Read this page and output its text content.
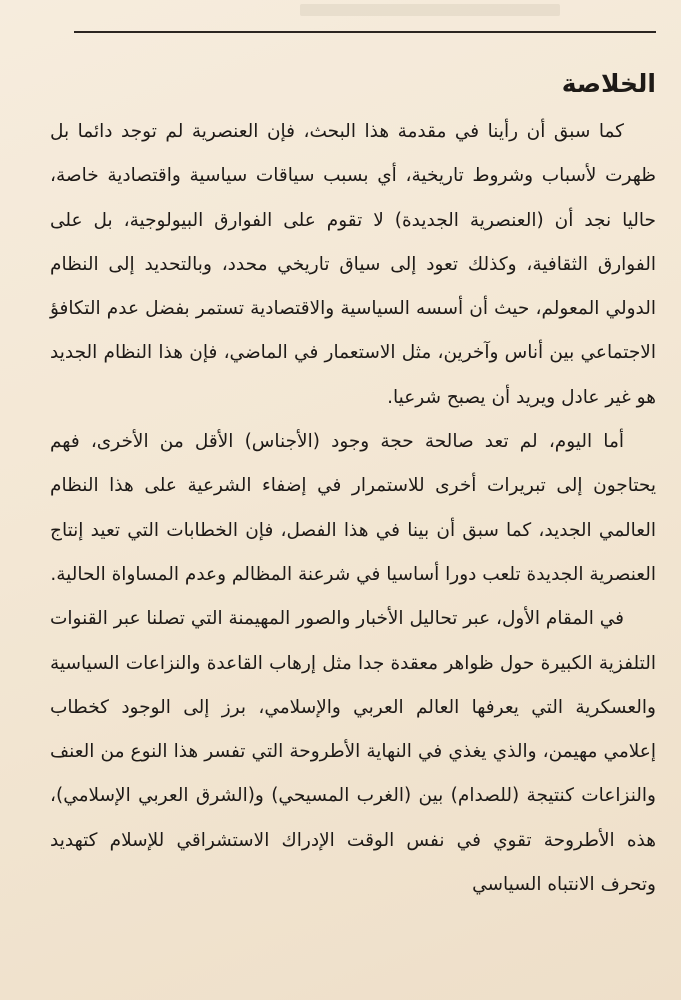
الخلاصة

كما سبق أن رأينا في مقدمة هذا البحث، فإن العنصرية لم توجد دائما بل ظهرت لأسباب وشروط تاريخية، أي بسبب سياقات سياسية واقتصادية خاصة، حاليا نجد أن (العنصرية الجديدة) لا تقوم على الفوارق البيولوجية، بل على الفوارق الثقافية، وكذلك تعود إلى سياق تاريخي محدد، وبالتحديد إلى النظام الدولي المعولم، حيث أن أسسه السياسية والاقتصادية تستمر بفضل عدم التكافؤ الاجتماعي بين أناس وآخرين، مثل الاستعمار في الماضي، فإن هذا النظام الجديد هو غير عادل ويريد أن يصبح شرعيا.

أما اليوم، لم تعد صالحة حجة وجود (الأجناس) الأقل من الأخرى، فهم يحتاجون إلى تبريرات أخرى للاستمرار في إضفاء الشرعية على هذا النظام العالمي الجديد، كما سبق أن بينا في هذا الفصل، فإن الخطابات التي تعيد إنتاج العنصرية الجديدة تلعب دورا أساسيا في شرعنة المظالم وعدم المساواة الحالية.

في المقام الأول، عبر تحاليل الأخبار والصور المهيمنة التي تصلنا عبر القنوات التلفزية الكبيرة حول ظواهر معقدة جدا مثل إرهاب القاعدة والنزاعات السياسية والعسكرية التي يعرفها العالم العربي والإسلامي، برز إلى الوجود كخطاب إعلامي مهيمن، والذي يغذي في النهاية الأطروحة التي تفسر هذا النوع من العنف والنزاعات كنتيجة (للصدام) بين (الغرب المسيحي) و(الشرق العربي الإسلامي)، هذه الأطروحة تقوي في نفس الوقت الإدراك الاستشراقي للإسلام كتهديد وتحرف الانتباه السياسي
